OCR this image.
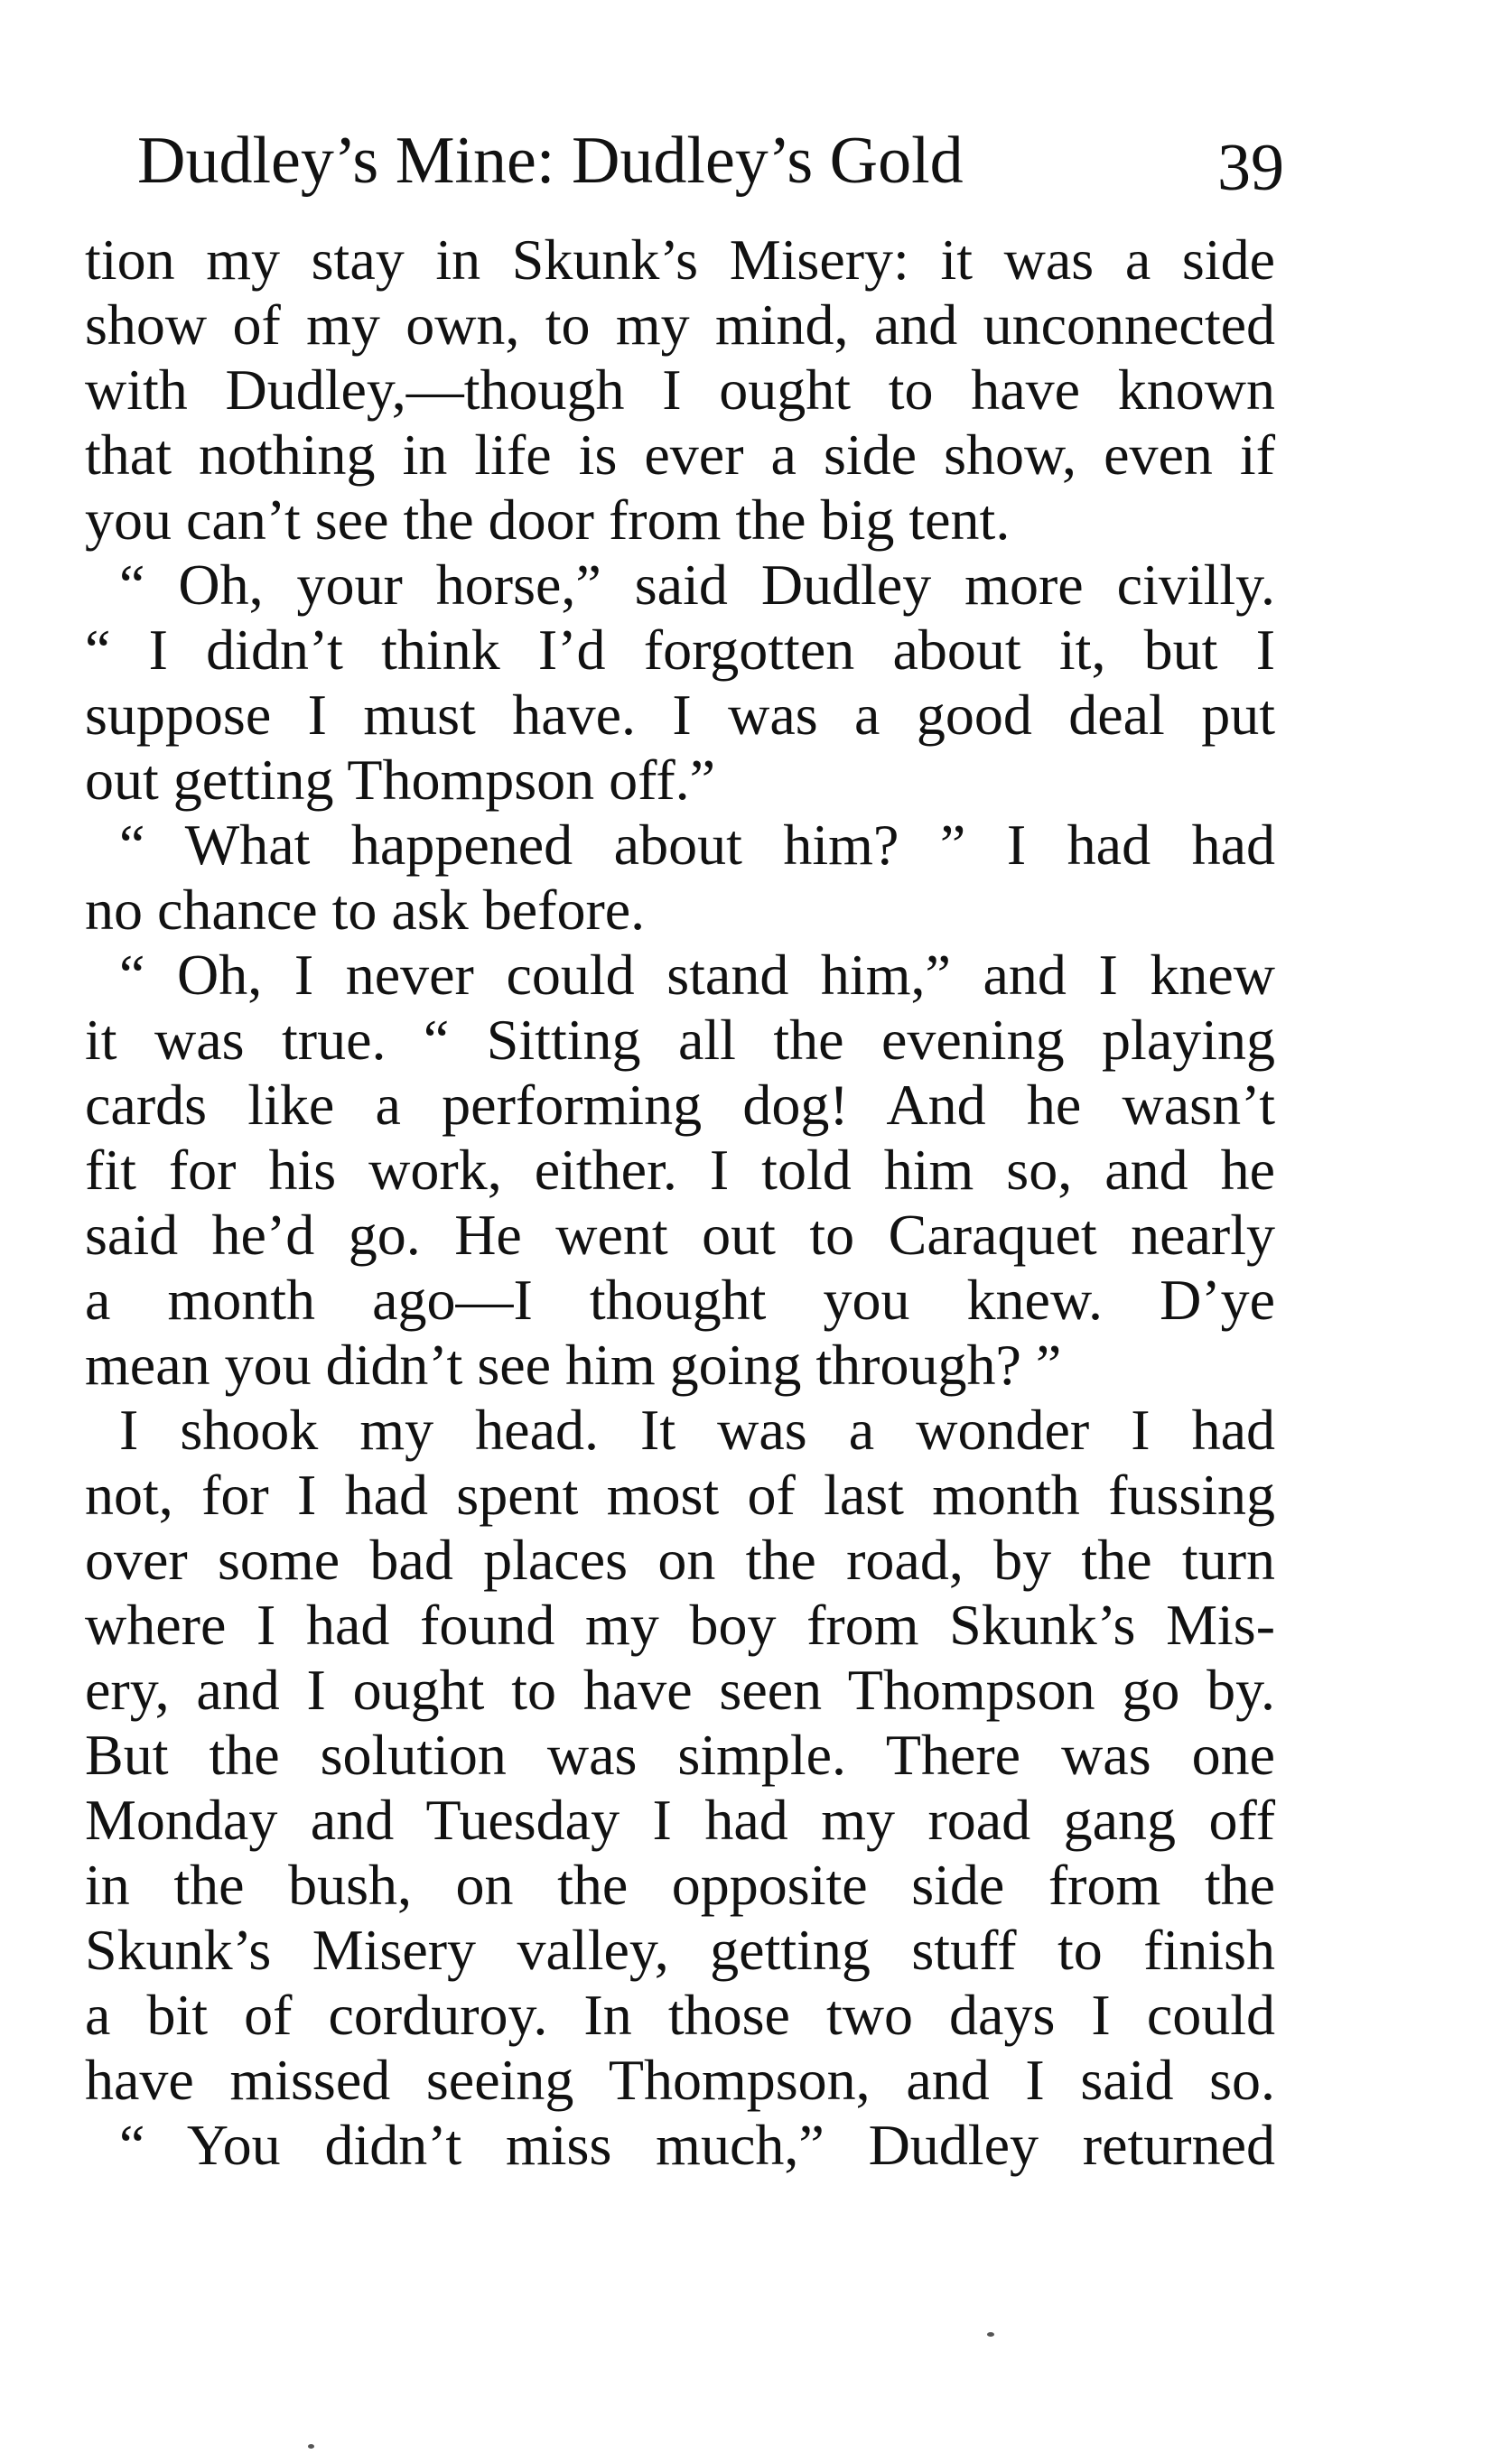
Dudley’s Mine: Dudley’s Gold	39
tion my stay in Skunk’s Misery: it was a side
show of my own, to my mind, and unconnected
with Dudley,—though I ought to have known
that nothing in life is ever a side show, even if
you can’t see the door from the big tent.
“ Oh, your horse,” said Dudley more civilly.
“ I didn’t think I’d forgotten about it, but I
suppose I must have. I was a good deal put
out getting Thompson off.”
“ What happened about him? ” I had had
no chance to ask before.
“ Oh, I never could stand him,” and I knew
it was true. “ Sitting all the evening playing
cards like a performing dog! And he wasn’t
fit for his work, either. I told him so, and he
said he’d go. He went out to Caraquet nearly
a month ago—I thought you knew. D’ye
mean you didn’t see him going through? ”
I shook my head. It was a wonder I had
not, for I had spent most of last month fussing
over some bad places on the road, by the turn
where I had found my boy from Skunk’s Mis-
ery, and I ought to have seen Thompson go by.
But the solution was simple. There was one
Monday and Tuesday I had my road gang off
in the bush, on the opposite side from the
Skunk’s Misery valley, getting stuff to finish
a bit of corduroy. In those two days I could
have missed seeing Thompson, and I said so.
“ You didn’t miss much,” Dudley returned
